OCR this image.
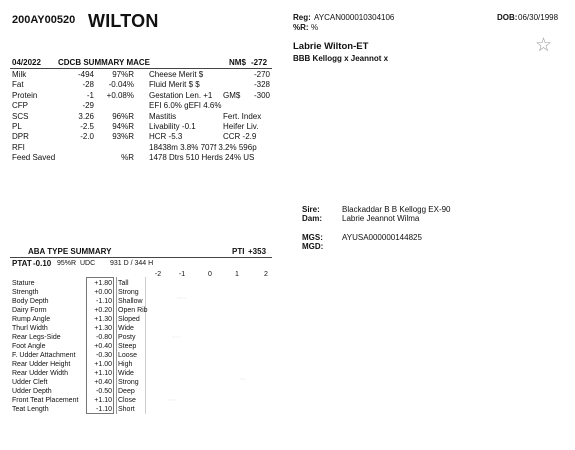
200AY00520 WILTON	Reg: AYCAN000010304106
%R: %
DOB: 06/30/1998
Labrie Wilton-ET
BBB Kellogg x Jeannot x
☆
04/2022 CDCB SUMMARY MACE	NM$ -272
Milk	-494	97%R Cheese Merit $	-270
Fat	-28	-0.04% Fluid Merit $ $	-328
Protein	-1	+0.08% Gestation Len. +1 GM$	-300
CFP	-29	EFI 6.0% gEFI 4.6%
SCS	3.26	96%R Mastitis	Fert. Index
PL	-2.5	94%R Livability -0.1	Heifer Liv.
DPR	-2.0	93%R HCR -5.3	CCR -2.9
RFI	18438m 3.8% 707f 3.2% 596p
Feed Saved	%R 1478 Dtrs 510 Herds 24% US
Sire:	Blackaddar B B Kellogg EX-90
Dam: Labrie Jeannot Wilma
MGS: AYUSA000000144825
MGD:
ABA TYPE SUMMARY	PTI +353
PTAT -0.10 95%R UDC 931 D / 344 H
-2	-1	0	1	2
Stature	+1.80 Tall
Strength	+0.00 Strong
Body Depth	-1.10 Shallow
Dairy Form	+0.20 Open Rib
Rump Angle	+1.30 Sloped
Thurl Width	+1.30 Wide
Rear Legs-Side	-0.80 Posty
Foot Angle	+0.40 Steep
F. Udder Attachment	-0.30 Loose
Rear Udder Height	+1.00 High
Rear Udder Width	+1.10 Wide
Udder Cleft	+0.40 Strong
Udder Depth	-0.50 Deep
Front Teat Placement	+1.10 Close
Teat Length	-1.10 Short
~~~
~~~
~~~
~~
